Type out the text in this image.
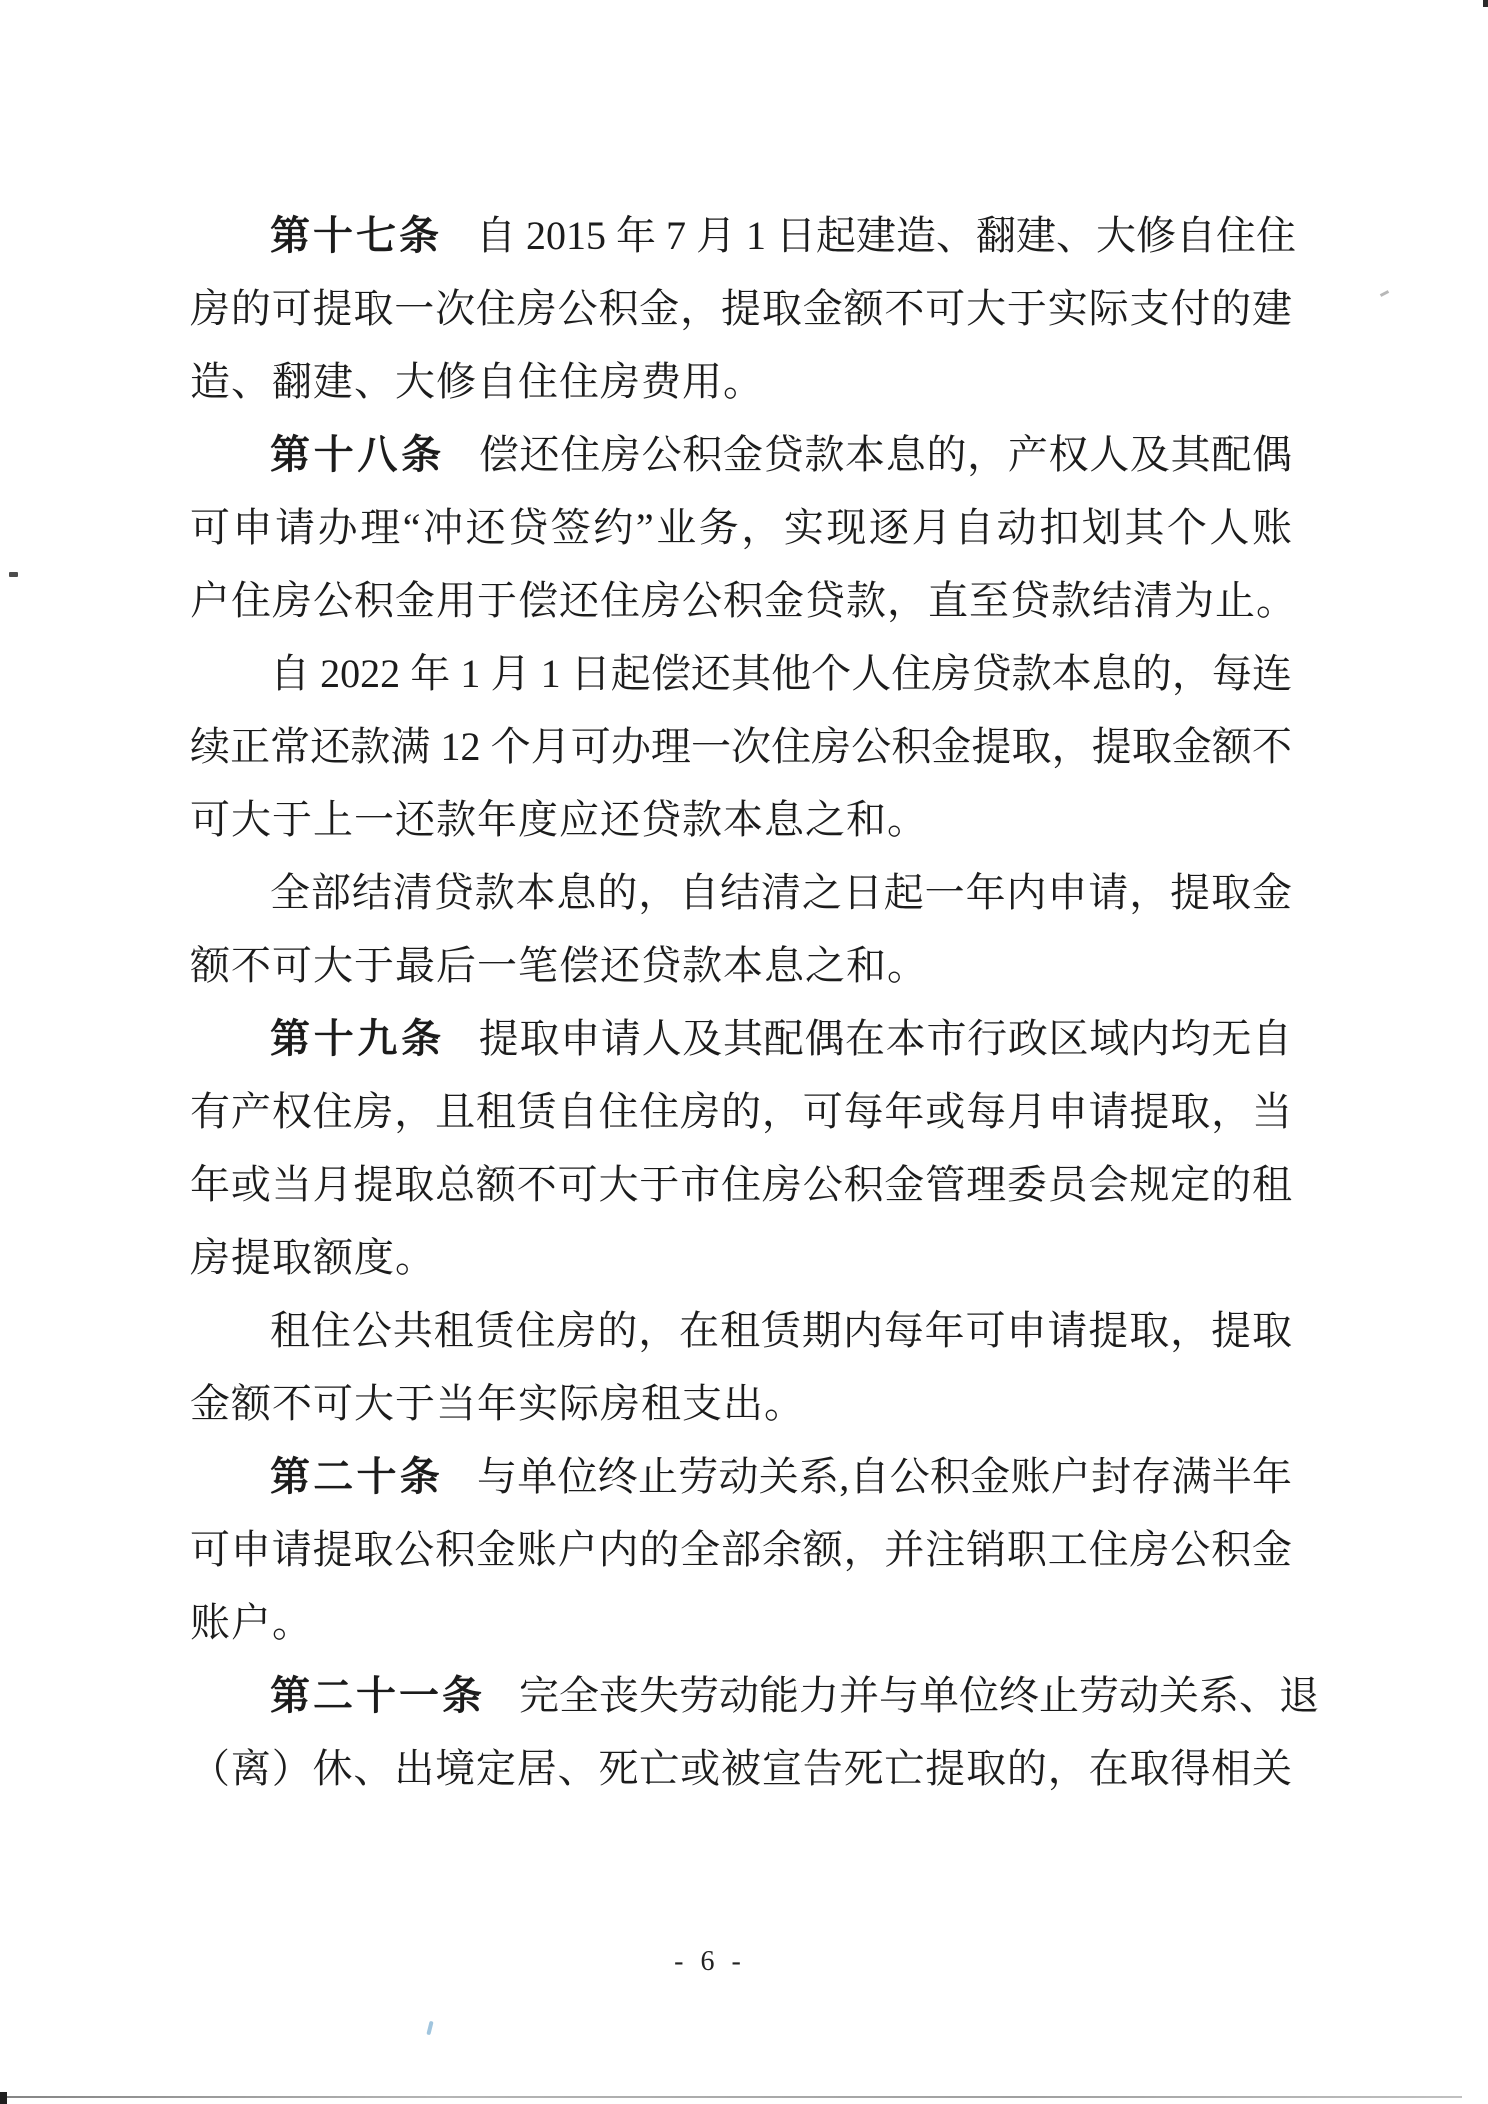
第十七条 自 2015 年 7 月 1 日起建造、翻建、大修自住住
房的可提取一次住房公积金，提取金额不可大于实际支付的建
造、翻建、大修自住住房费用。
第十八条 偿还住房公积金贷款本息的，产权人及其配偶
可申请办理“冲还贷签约”业务，实现逐月自动扣划其个人账
户住房公积金用于偿还住房公积金贷款，直至贷款结清为止。
自 2022 年 1 月 1 日起偿还其他个人住房贷款本息的，每连
续正常还款满 12 个月可办理一次住房公积金提取，提取金额不
可大于上一还款年度应还贷款本息之和。
全部结清贷款本息的，自结清之日起一年内申请，提取金
额不可大于最后一笔偿还贷款本息之和。
第十九条 提取申请人及其配偶在本市行政区域内均无自
有产权住房，且租赁自住住房的，可每年或每月申请提取，当
年或当月提取总额不可大于市住房公积金管理委员会规定的租
房提取额度。
租住公共租赁住房的，在租赁期内每年可申请提取，提取
金额不可大于当年实际房租支出。
第二十条 与单位终止劳动关系,自公积金账户封存满半年
可申请提取公积金账户内的全部余额，并注销职工住房公积金
账户。
第二十一条 完全丧失劳动能力并与单位终止劳动关系、退
（离）休、出境定居、死亡或被宣告死亡提取的，在取得相关
- 6 -
